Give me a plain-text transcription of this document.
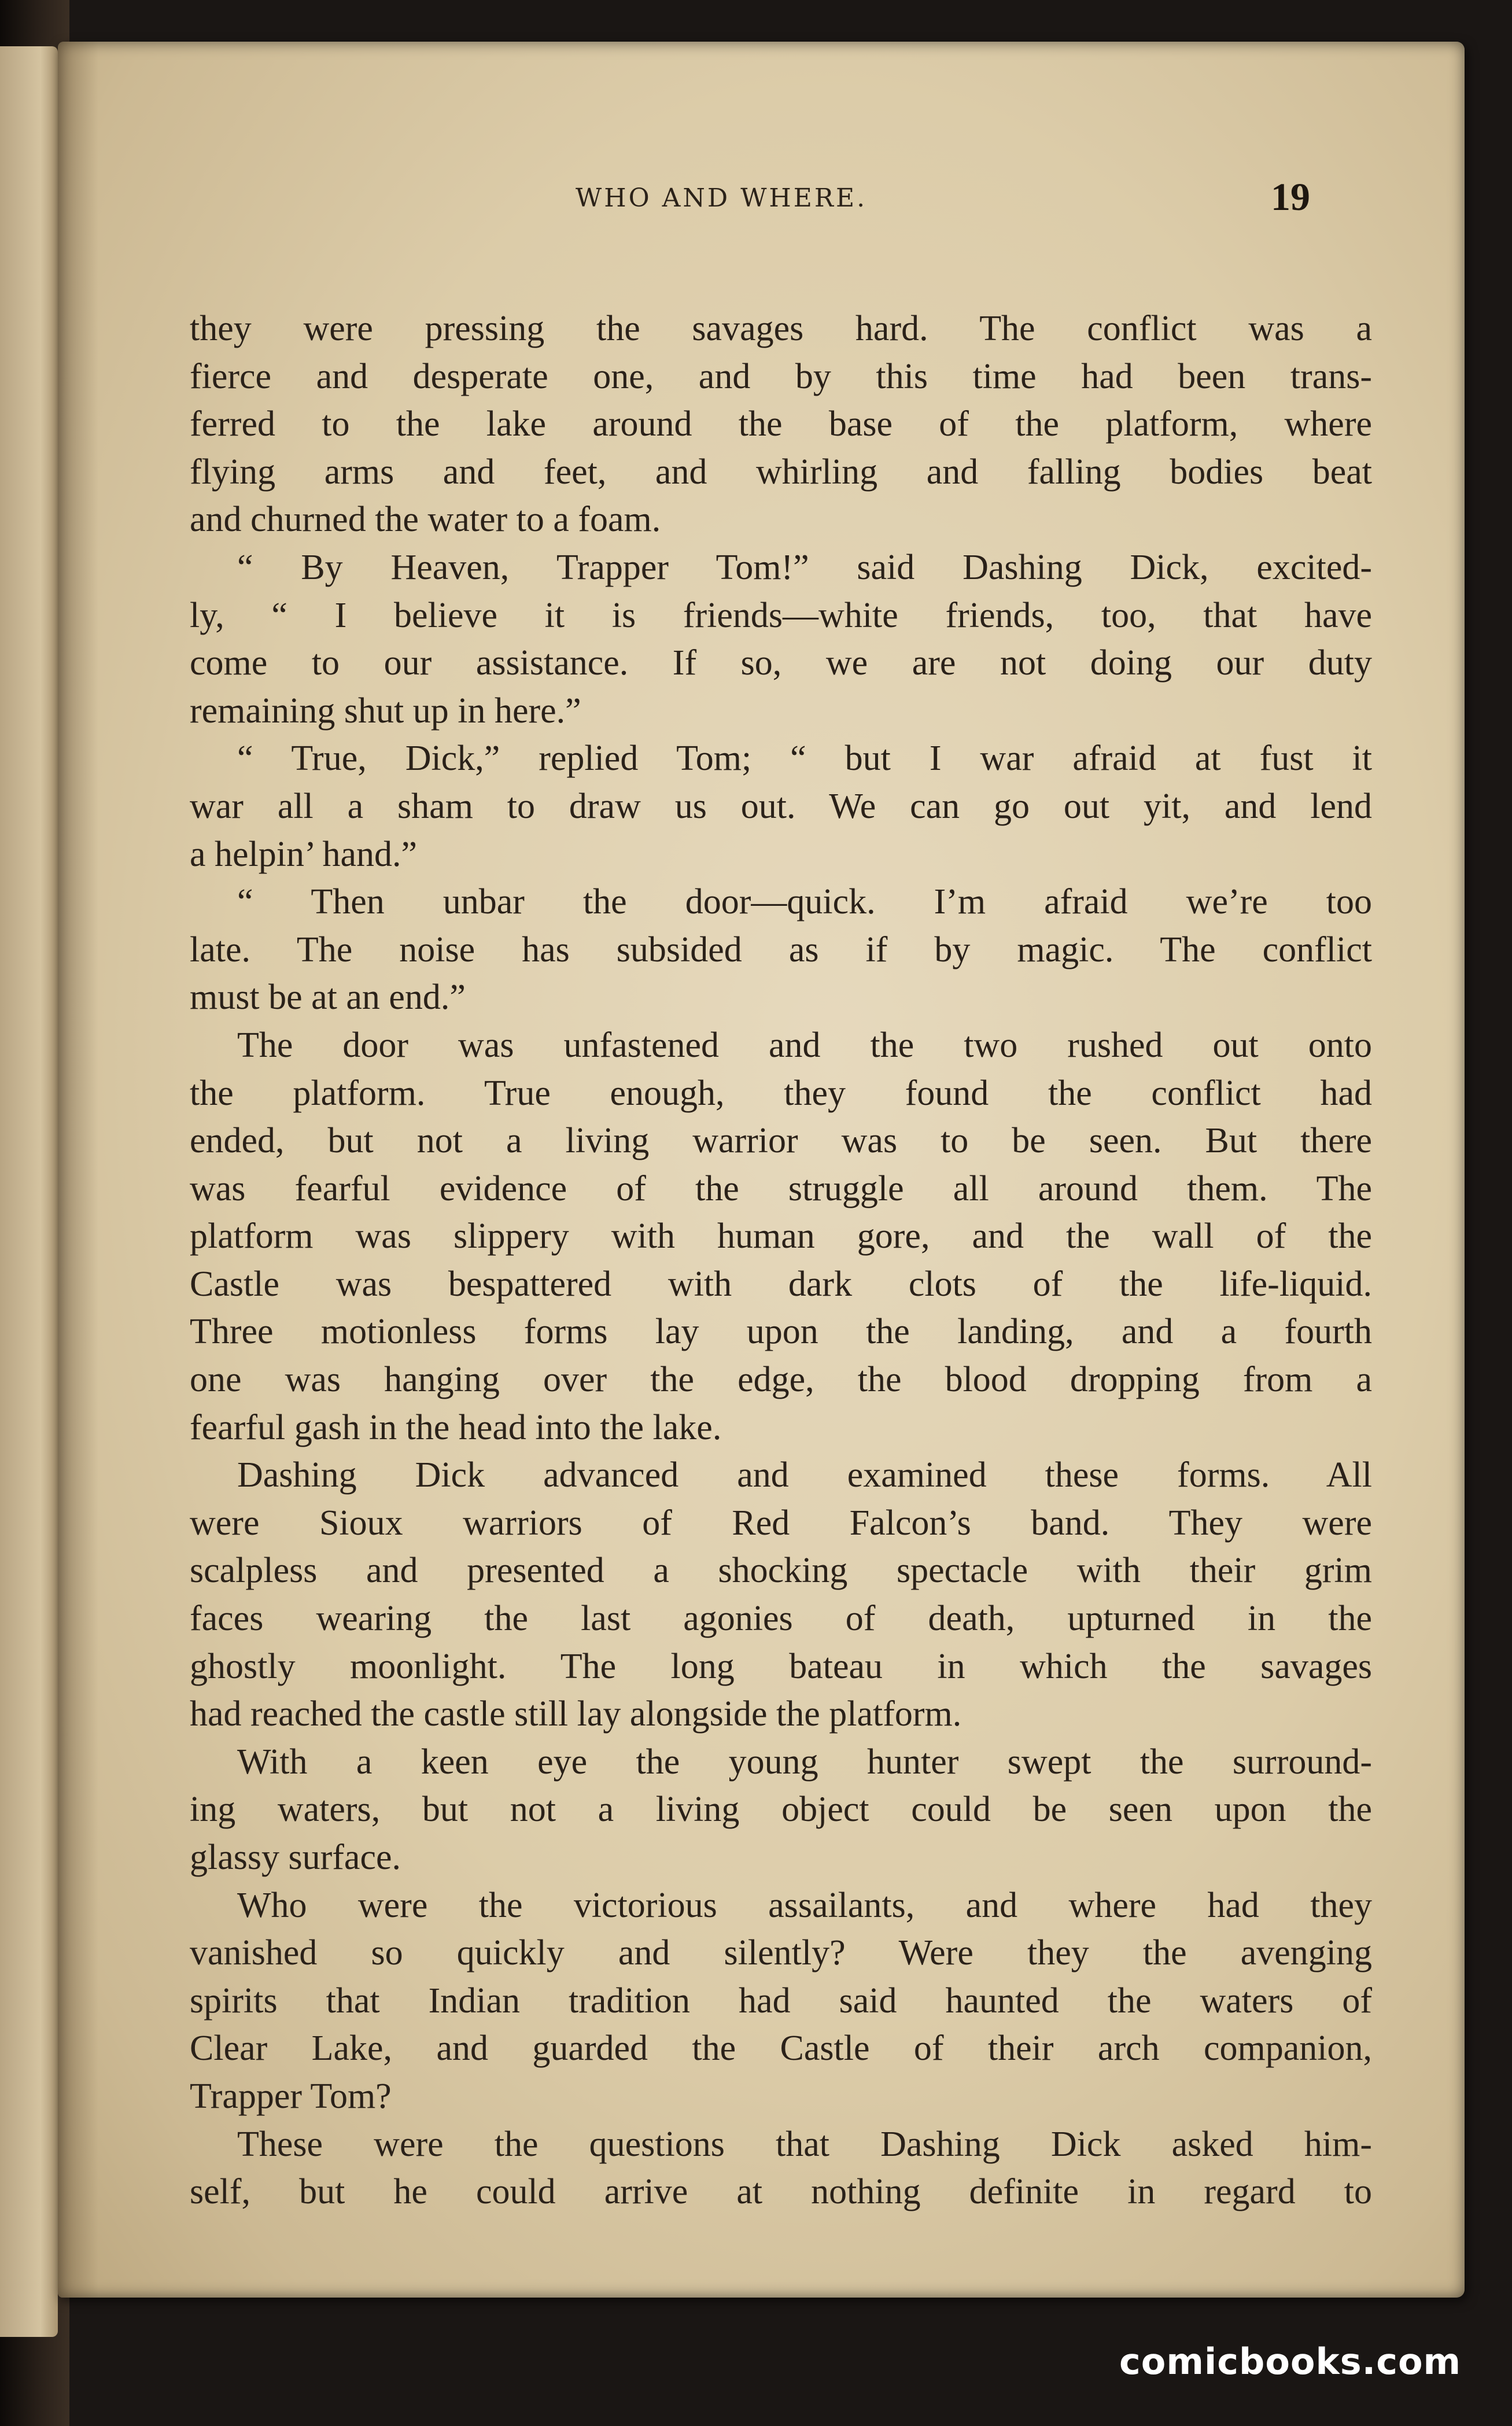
WHO AND WHERE.	19
they were pressing the savages hard. The conflict was a
fierce and desperate one, and by this time had been trans-
ferred to the lake around the base of the platform, where
flying arms and feet, and whirling and falling bodies beat
and churned the water to a foam.
“ By Heaven, Trapper Tom!” said Dashing Dick, excited-
ly, “ I believe it is friends—white friends, too, that have
come to our assistance. If so, we are not doing our duty
remaining shut up in here.”
“ True, Dick,” replied Tom; “ but I war afraid at fust it
war all a sham to draw us out. We can go out yit, and lend
a helpin’ hand.”
“ Then unbar the door—quick. I’m afraid we’re too
late. The noise has subsided as if by magic. The conflict
must be at an end.”
The door was unfastened and the two rushed out onto
the platform. True enough, they found the conflict had
ended, but not a living warrior was to be seen. But there
was fearful evidence of the struggle all around them. The
platform was slippery with human gore, and the wall of the
Castle was bespattered with dark clots of the life-liquid.
Three motionless forms lay upon the landing, and a fourth
one was hanging over the edge, the blood dropping from a
fearful gash in the head into the lake.
Dashing Dick advanced and examined these forms. All
were Sioux warriors of Red Falcon’s band. They were
scalpless and presented a shocking spectacle with their grim
faces wearing the last agonies of death, upturned in the
ghostly moonlight. The long bateau in which the savages
had reached the castle still lay alongside the platform.
With a keen eye the young hunter swept the surround-
ing waters, but not a living object could be seen upon the
glassy surface.
Who were the victorious assailants, and where had they
vanished so quickly and silently? Were they the avenging
spirits that Indian tradition had said haunted the waters of
Clear Lake, and guarded the Castle of their arch companion,
Trapper Tom?
These were the questions that Dashing Dick asked him-
self, but he could arrive at nothing definite in regard to
comicbooks.com
